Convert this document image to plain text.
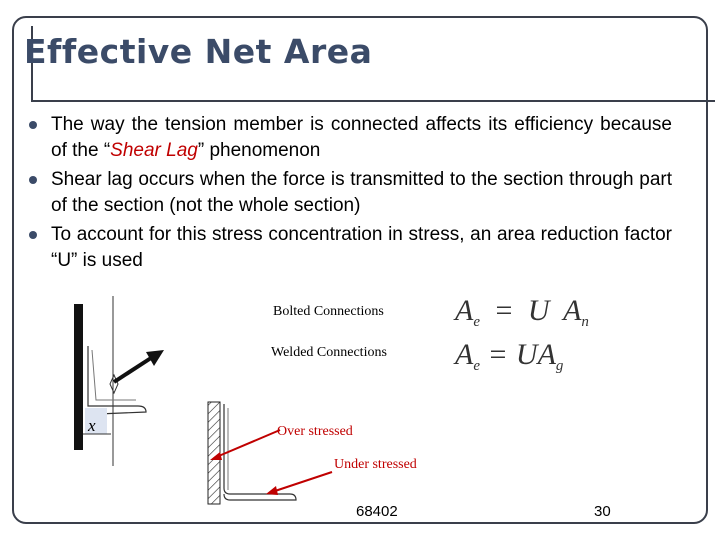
Effective Net Area
The way the tension member is connected affects its efficiency because of the “Shear Lag” phenomenon
Shear lag occurs when the force is transmitted to the section through part of the section (not the whole section)
To account for this stress concentration in stress, an area reduction factor “U” is used
x
Bolted Connections
Welded Connections
$A_e = U$ $A_n$
$A_e = UA_g$
Over stressed
Under stressed
68402	30
